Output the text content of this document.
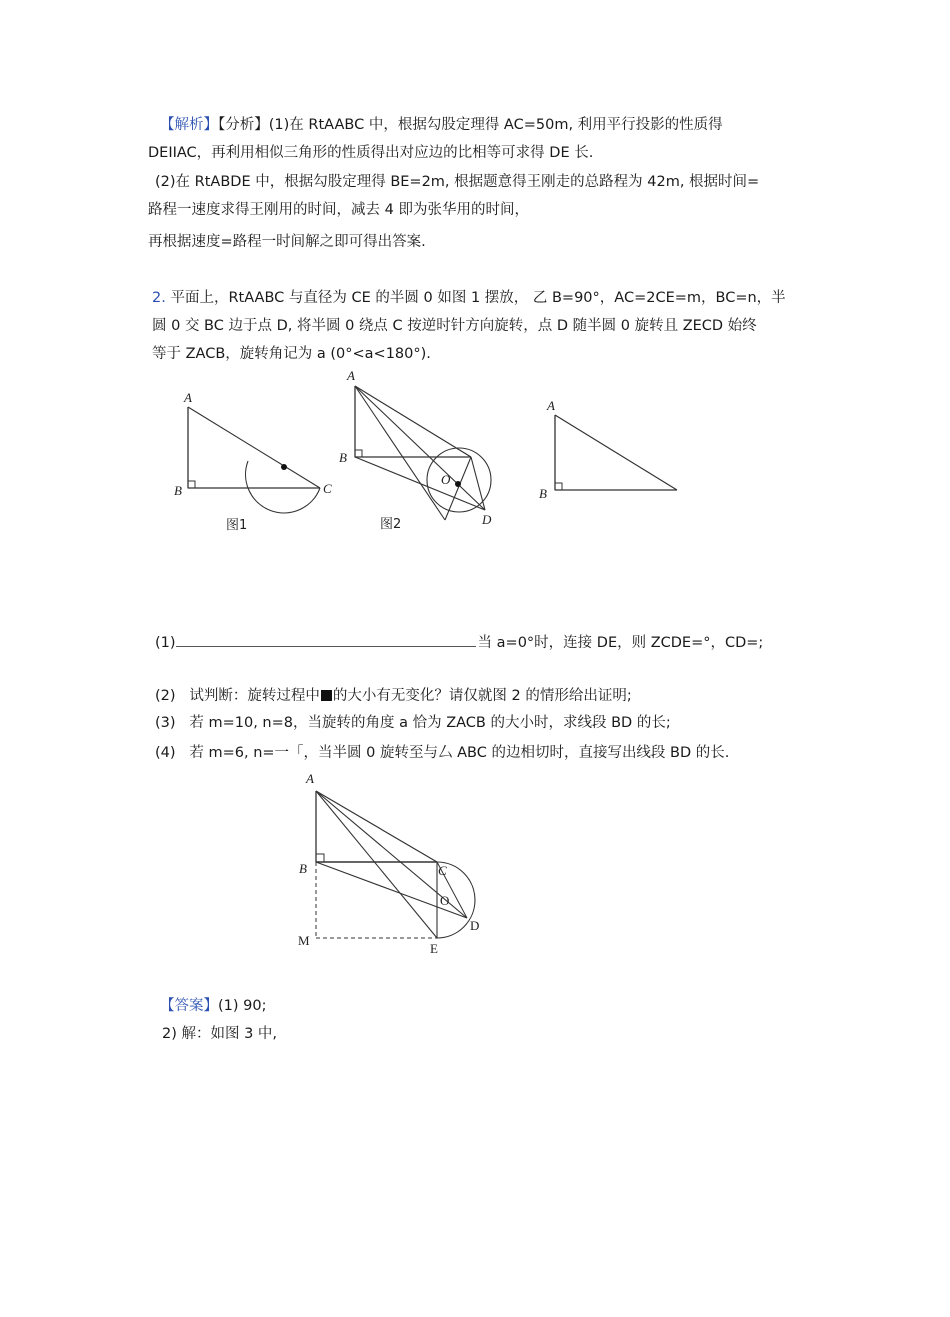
【解析】【分析】(1)在 RtAABC 中，根据勾股定理得 AC=50m, 利用平行投影的性质得
DEIIAC，再利用相似三角形的性质得出对应边的比相等可求得 DE 长.
(2)在 RtABDE 中，根据勾股定理得 BE=2m, 根据题意得王刚走的总路程为 42m, 根据时间=
路程一速度求得王刚用的时间，减去 4 即为张华用的时间，
再根据速度=路程一时间解之即可得出答案.
2. 平面上，RtAABC 与直径为 CE 的半圆 0 如图 1 摆放， 乙 B=90°，AC=2CE=m，BC=n，半
圆 0 交 BC 边于点 D, 将半圆 0 绕点 C 按逆时针方向旋转，点 D 随半圆 0 旋转且 ZECD 始终
等于 ZACB，旋转角记为 a (0°<a<180°).
A
B	C
图1
A
B
O
D
图2
A
B
(1)	当 a=0°时，连接 DE，则 ZCDE=°，CD=;
(2) 试判断：旋转过程中 的大小有无变化？请仅就图 2 的情形给出证明;
(3) 若 m=10, n=8，当旋转的角度 a 恰为 ZACB 的大小时，求线段 BD 的长;
(4) 若 m=6, n=一「，当半圆 0 旋转至与厶 ABC 的边相切时，直接写出线段 BD 的长.
A
B	C
O
D
M
E
【答案】(1) 90;
2) 解：如图 3 中,
